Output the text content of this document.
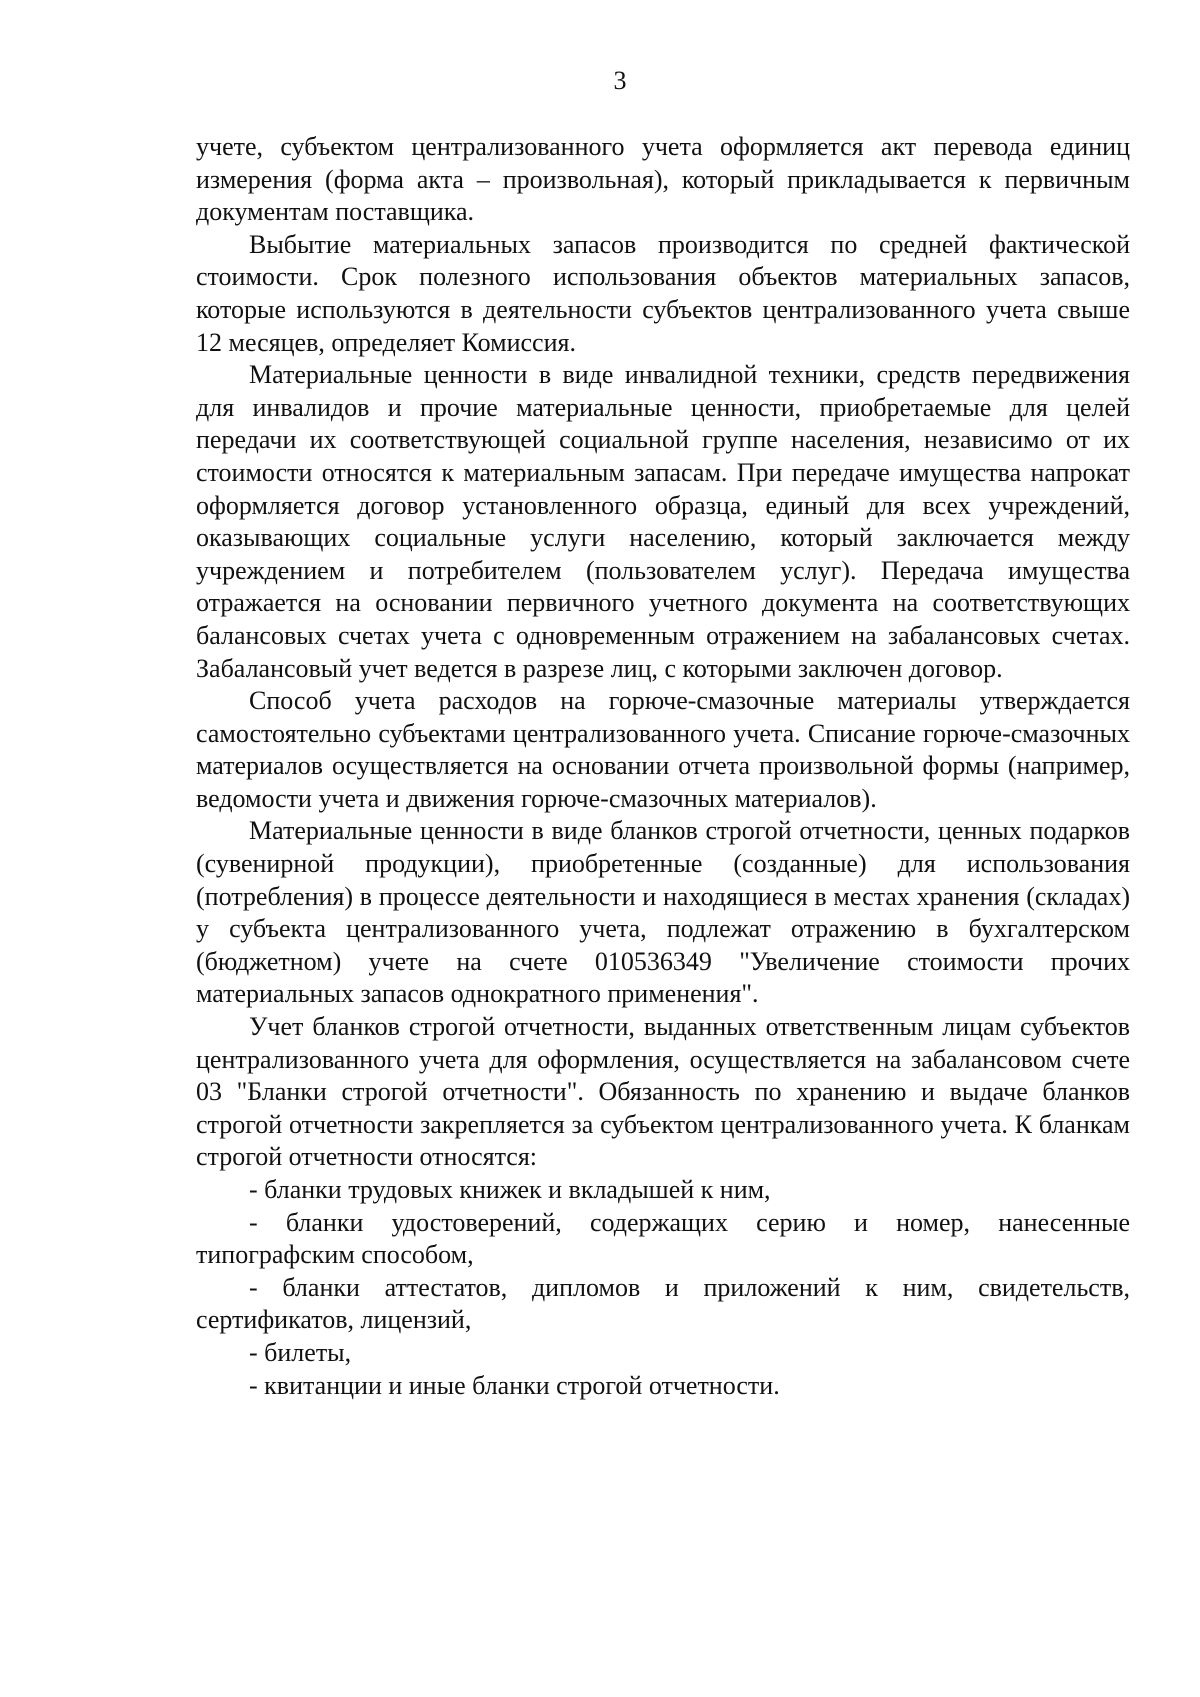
3

учете, субъектом централизованного учета оформляется акт перевода единиц измерения (форма акта – произвольная), который прикладывается к первичным документам поставщика.

Выбытие материальных запасов производится по средней фактической стоимости. Срок полезного использования объектов материальных запасов, которые используются в деятельности субъектов централизованного учета свыше 12 месяцев, определяет Комиссия.

Материальные ценности в виде инвалидной техники, средств передвижения для инвалидов и прочие материальные ценности, приобретаемые для целей передачи их соответствующей социальной группе населения, независимо от их стоимости относятся к материальным запасам. При передаче имущества напрокат оформляется договор установленного образца, единый для всех учреждений, оказывающих социальные услуги населению, который заключается между учреждением и потребителем (пользователем услуг). Передача имущества отражается на основании первичного учетного документа на соответствующих балансовых счетах учета с одновременным отражением на забалансовых счетах. Забалансовый учет ведется в разрезе лиц, с которыми заключен договор.

Способ учета расходов на горюче-смазочные материалы утверждается самостоятельно субъектами централизованного учета. Списание горюче-смазочных материалов осуществляется на основании отчета произвольной формы (например, ведомости учета и движения горюче-смазочных материалов).

Материальные ценности в виде бланков строгой отчетности, ценных подарков (сувенирной продукции), приобретенные (созданные) для использования (потребления) в процессе деятельности и находящиеся в местах хранения (складах) у субъекта централизованного учета, подлежат отражению в бухгалтерском (бюджетном) учете на счете 010536349 "Увеличение стоимости прочих материальных запасов однократного применения".

Учет бланков строгой отчетности, выданных ответственным лицам субъектов централизованного учета для оформления, осуществляется на забалансовом счете 03 "Бланки строгой отчетности". Обязанность по хранению и выдаче бланков строгой отчетности закрепляется за субъектом централизованного учета. К бланкам строгой отчетности относятся:

- бланки трудовых книжек и вкладышей к ним,
- бланки удостоверений, содержащих серию и номер, нанесенные типографским способом,
- бланки аттестатов, дипломов и приложений к ним, свидетельств, сертификатов, лицензий,
- билеты,
- квитанции и иные бланки строгой отчетности.
